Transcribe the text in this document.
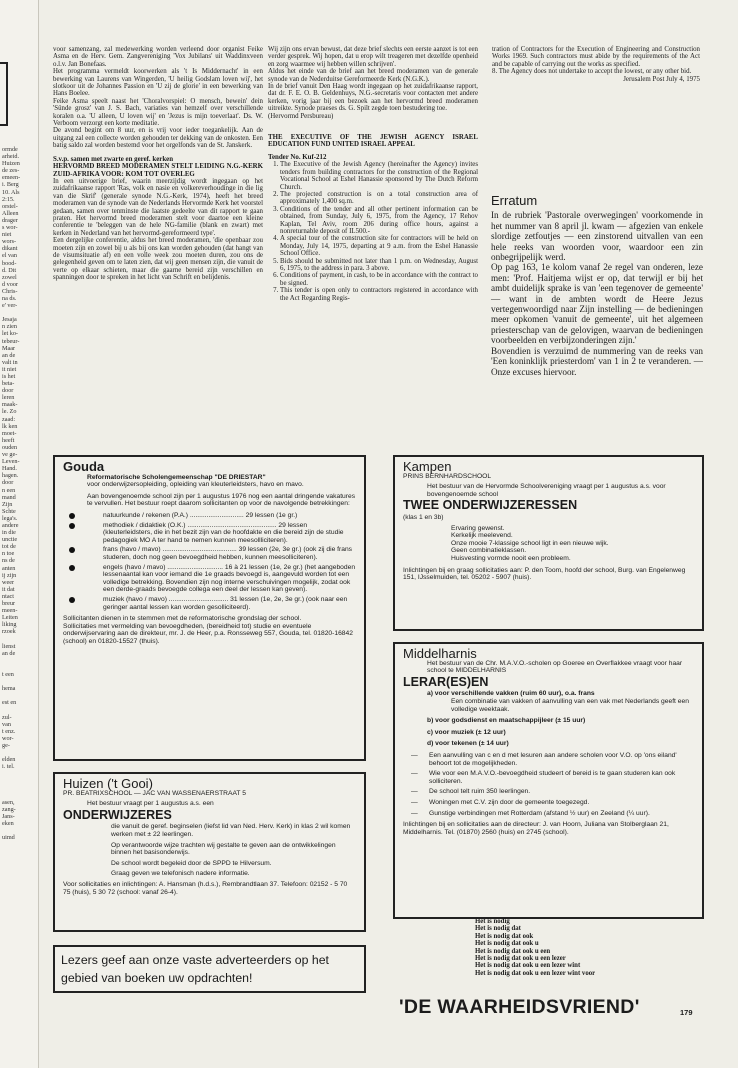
ormde
arheid.
Huizen
de zes-
emeen-
i. Berg
10. Als
2:15.
orstel-
Alleen
drager
s wor-
niet
wors-
dikant
el van
bood-
d. Dit
zowel
d voor
Chris-
na ds.
e' ver-

Jesaja
n zien
let ko-
tebeur-
Maar
an de
valt in
it niet
is het
beta-
door
leren
maak-
le. Zo
zaad:
lk ken
moet-
heeft
ouden
ve ge-
Leven-
Hand.
hagen.
door
n een
mand
Zijn
Schte
lega's.
andere
in die
unctie
tot de
n toe
ns de
anten
ij zijn
weer
it dat
ntact
breur
meen-
Leiten
liking
rzoek

lienst
an de

t een

hema

est en

zul-
van
t enz.
wor-
ge-

elden
i. tel.

asen,
zang-
Jans-
eken

uimd

voor samenzang, zal medewerking worden verleend door organist Feike Asma en de Herv. Gem. Zangvereniging 'Vox Jubilans' uit Waddinxveen o.l.v. Jan Bonefaas.

Het programma vermeldt koorwerken als 't Is Middernacht' in een bewerking van Laurens van Wingerden, 'U heilig Godslam loven wij', het slotkoor uit de Johannes Passion en 'U zij de glorie' in een bewerking van Hans Boelee.

Feike Asma speelt naast het 'Choralvorspiel: O mensch, bewein' dein 'Sünde grosz' van J. S. Bach, variaties van hemzelf over verschillende koralen o.a. 'U alleen, U loven wij' en 'Jezus is mijn toeverlaat'. Ds. W. Verboom verzorgt een korte meditatie.

De avond begint om 8 uur, en is vrij voor ieder toegankelijk. Aan de uitgang zal een collecte worden gehouden ter dekking van de onkosten. Een batig saldo zal worden bestemd voor het orgelfonds van de St. Janskerk.

S.v.p. samen met zwarte en geref. kerken

HERVORMD BREED MODERAMEN STELT LEIDING N.G.-KERK ZUID-AFRIKA VOOR: KOM TOT OVERLEG

In een uitvoerige brief, waarin meerzijdig wordt ingegaan op het zuidafrikaanse rapport 'Ras, volk en nasie en volkereverhoudinge in die lig van die Skrif' (generale synode N.G.-Kerk, 1974), heeft het breed moderamen van de synode van de Nederlands Hervormde Kerk het voorstel gedaan, samen over tenminste die laatste gedeelte van dit rapport te gaan praten. Het hervormd breed moderamen stelt voor daartoe een kleine conferentie te 'beleggen van de hele NG-familie (blank en zwart) met kerken in Nederland van het hervormd-gereformeerd type'.

Een dergelijke conferentie, aldus het breed moderamen, 'die openbaar zou moeten zijn en zowel bij u als bij ons kan worden gehouden (dat hangt van de visumsituatie af) en een volle week zou moeten duren, zou ons de gelegenheid geven om te laten zien, dat wij geen mensen zijn, die vanuit de verte op elkaar schieten, maar die gaarne bereid zijn verschillen en spanningen door te spreken in het licht van Schrift en belijdenis.

Wij zijn ons ervan bewust, dat deze brief slechts een eerste aanzet is tot een verder gesprek. Wij hopen, dat u erop wilt treageren met dezelfde openheid en zorg waarmee wij hebben willen schrijven'.

Aldus het einde van de brief aan het breed moderamen van de generale synode van de Nederduitse Gereformeerde Kerk (N.G.K.).

In de brief vanuit Den Haag wordt ingegaan op het zuidafrikaanse rapport, dat dr. F. E. O. B. Geldenhuys, N.G.-secretaris voor contacten met andere kerken, vorig jaar bij een bezoek aan het hervormd breed moderamen uitreikte. Synode praeses ds. G. Spilt zegde toen bestudering toe.

(Hervormd Persbureau)

THE EXECUTIVE OF THE JEWISH AGENCY ISRAEL EDUCATION FUND UNITED ISRAEL APPEAL

Tender No. Kuf-212

1. The Executive of the Jewish Agency (hereinafter the Agency) invites tenders from building contractors for the construction of the Regional Vocational School at Eshel Hanassie sponsored by The Dutch Reform Church.
2. The projected construction is on a total construction area of approximately 1,400 sq.m.
3. Conditions of the tender and all other pertinent information can be obtained, from Sunday, July 6, 1975, from the Agency, 17 Rehov Kaplan, Tel Aviv, room 206 during office hours, against a nonreturnable deposit of IL500.-
4. A special tour of the construction site for contractors will be held on Monday, July 14, 1975, departing at 9 a.m. from the Eshel Hanassie School Office.
5. Bids should be submitted not later than 1 p.m. on Wednesday, August 6, 1975, to the address in para. 3 above.
6. Conditions of payment, in cash, to be in accordance with the contract to be signed.
7. This tender is open only to contractors registered in accordance with the Act Regarding Regis-

tration of Contractors for the Execution of Engineering and Construction Works 1969. Such contractors must abide by the requirements of the Act and be capable of carrying out the works as specified.

8. The Agency does not undertake to accept the lowest, or any other bid.

Jerusalem Post July 4, 1975

Erratum

In de rubriek 'Pastorale overwegingen' voorkomende in het nummer van 8 april jl. kwam — afgezien van enkele slordige zetfoutjes — een zinstorend uitvallen van een hele reeks van woorden voor, waardoor een zin onbegrijpelijk werd.

Op pag 163, 1e kolom vanaf 2e regel van onderen, leze men: 'Prof. Haitjema wijst er op, dat terwijl er bij het ambt duidelijk sprake is van 'een tegenover de gemeente' — want in de ambten wordt de Heere Jezus vertegenwoordigd naar Zijn instelling — de bedieningen meer opkomen 'vanuit de gemeente', uit het algemeen priesterschap van de gelovigen, waarvan de bedieningen voorbeelden en verbijzonderingen zijn.'

Bovendien is verzuimd de nummering van de reeks van 'Een koninklijk priesterdom' van 1 in 2 te veranderen. — Onze excuses hiervoor.

Gouda

Reformatorische Scholengemeenschap "DE DRIESTAR"

voor onderwijzersopleiding, opleiding van kleuterleidsters, havo en mavo.

Aan bovengenoemde school zijn per 1 augustus 1976 nog een aantal dringende vakatures te vervullen. Het bestuur roept daarom sollicitanten op voor de navolgende betrekkingen:

natuurkunde / rekenen (P.A.) ............................. 29 lessen (1e gr.)
methodiek / didaktiek (O.K.) ................................................ 29 lessen (kleuterleidsters, die in het bezit zijn van de hoofdakte en die bereid zijn de studie pedagogiek MO A ter hand te nemen kunnen meesollliciteren).
frans (havo / mavo) ........................................ 39 lessen (2e, 3e gr.) (ook zij die frans studeren, doch nog geen bevoegdheid hebben, kunnen meesolliciteren).
engels (havo / mavo) .............................. 16 à 21 lessen (1e, 2e gr.) (het aangeboden lessenaantal kan voor iemand die 1e graads bevoegd is, aangevuld worden tot een volledige betrekking. Bovendien zijn nog interne verschuivingen mogelijk, zodat ook een derde-graads bevoegde collega een deel der lessen kan geven).
muziek (havo / mavo) ................................ 31 lessen (1e, 2e, 3e gr.) (ook naar een geringer aantal lessen kan worden gesolliciteerd).

Sollicitanten dienen in te stemmen met de reformatorische grondslag der school.

Sollicitaties met vermelding van bevoegdheden, (bereidheid tot) studie en eventuele onderwijservaring aan de direkteur, mr. J. de Heer, p.a. Ronsseweg 557, Gouda, tel. 01820-16842 (school) en 01820-15527 (thuis).

Huizen ('t Gooi)

PR. BEATRIXSCHOOL — JAC VAN WASSENAERSTRAAT 5

Het bestuur vraagt per 1 augustus a.s. een

ONDERWIJZERES

die vanuit de geref. beginselen (liefst lid van Ned. Herv. Kerk) in klas 2 wil komen werken met ± 22 leerlingen.

Op verantwoorde wijze trachten wij gestalte te geven aan de ontwikkelingen binnen het basisonderwijs.

De school wordt begeleid door de SPPD te Hilversum.

Graag geven we telefonisch nadere informatie.

Voor sollicitaties en inlichtingen: A. Hansman (h.d.s.), Rembrandtlaan 37. Telefoon: 02152 - 5 70 75 (huis), 5 30 72 (school: vanaf 26-4).

Lezers geef aan onze vaste adverteerders op het gebied van boeken uw opdrachten!

Kampen

PRINS BERNHARDSCHOOL

Het bestuur van de Hervormde Schoolvereniging vraagt per 1 augustus a.s. voor bovengenoemde school

TWEE ONDERWIJZERESSEN

(klas 1 en 3b)

Ervaring gewenst.

Kerkelijk meelevend.

Onze mooie 7-klassige school ligt in een nieuwe wijk.

Geen combinatieklassen.

Huisvesting vormde nooit een probleem.

Inlichtingen bij en graag sollicitaties aan: P. den Toom, hoofd der school, Burg. van Engelenweg 151, IJsselmuiden, tel. 05202 - 5907 (huis).

Middelharnis

Het bestuur van de Chr. M.A.V.O.-scholen op Goeree en Overflakkee vraagt voor haar school te MIDDELHARNIS

LERAR(ES)EN

a) voor verschillende vakken (ruim 60 uur), o.a. frans

Een combinatie van vakken of aanvulling van een vak met Nederlands geeft een volledige weektaak.

b) voor godsdienst en maatschappijleer (± 15 uur)

c) voor muziek (± 12 uur)

d) voor tekenen (± 14 uur)

— Een aanvulling van c en d met lesuren aan andere scholen voor V.O. op 'ons eiland' behoort tot de mogelijkheden.
— Wie voor een M.A.V.O.-bevoegdheid studeert of bereid is te gaan studeren kan ook solliciteren.
— De school telt ruim 350 leerlingen.
— Woningen met C.V. zijn door de gemeente toegezegd.
— Gunstige verbindingen met Rotterdam (afstand ½ uur) en Zeeland (¼ uur).

Inlichtingen bij en sollicitaties aan de directeur: J. van Hoorn, Juliana van Stolberglaan 21, Middelharnis. Tel. (01870) 2560 (huis) en 2745 (school).

Het is nodig
Het is nodig dat
Het is nodig dat ook
Het is nodig dat ook u
Het is nodig dat ook u een
Het is nodig dat ook u een lezer
Het is nodig dat ook u een lezer wint
Het is nodig dat ook u een lezer wint voor
'DE WAARHEIDSVRIEND'	179
